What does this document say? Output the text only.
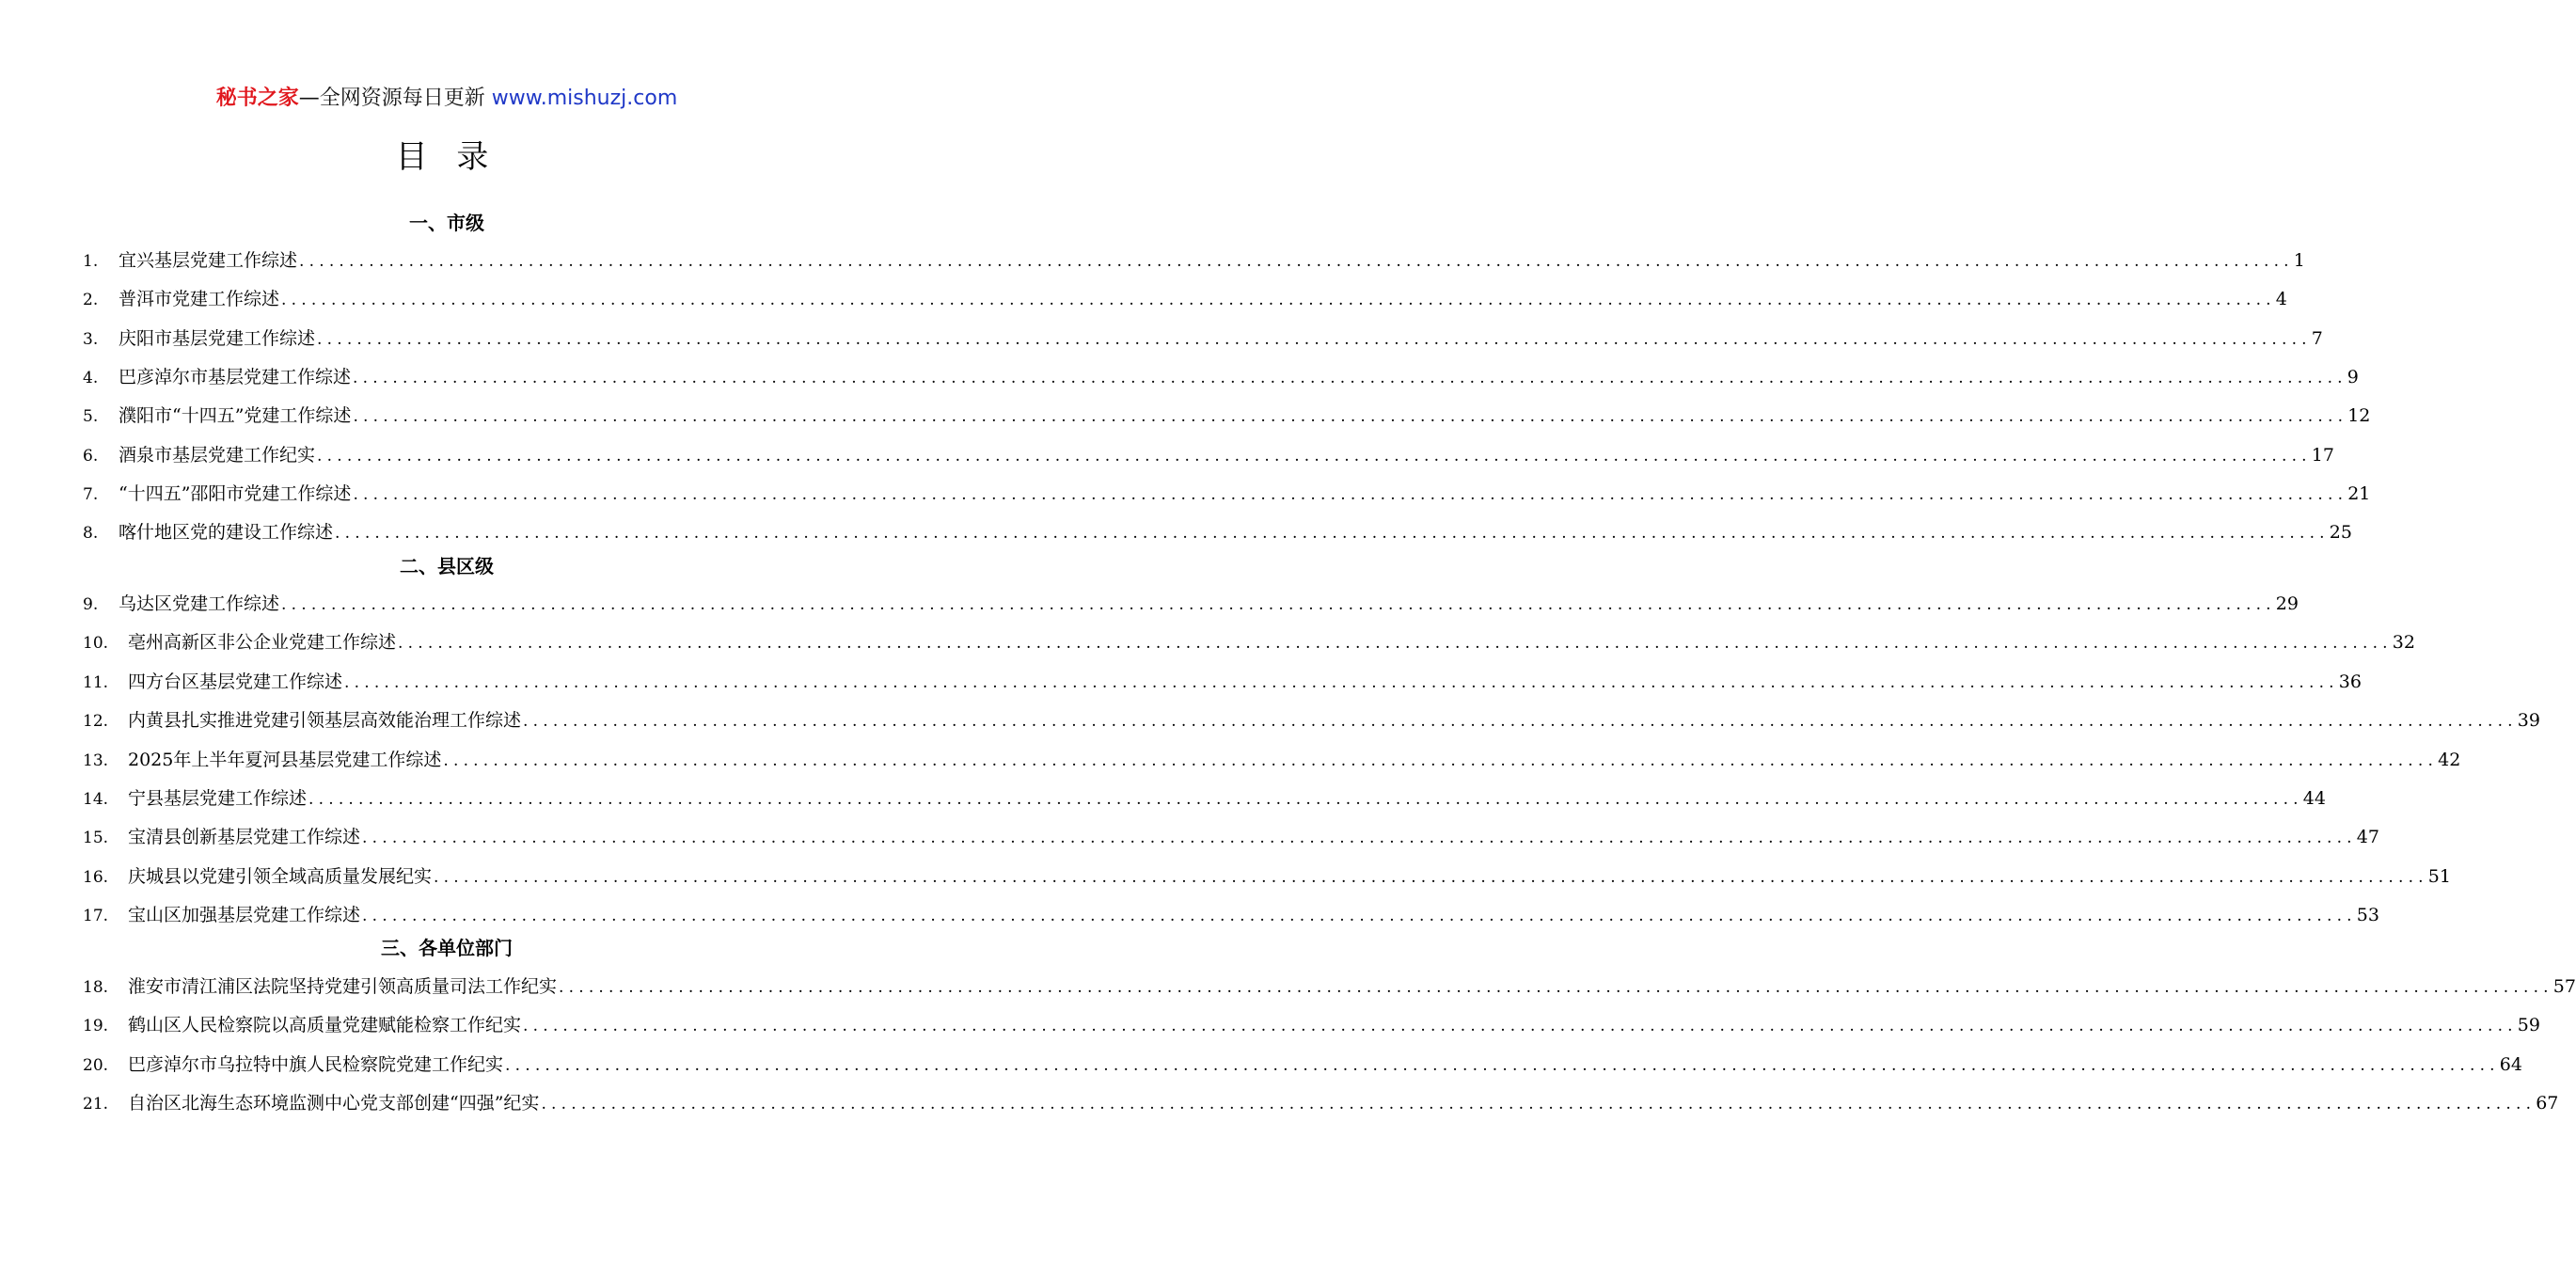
秘书之家—全网资源每日更新 www.mishuzj.com
目 录
一、市级
1.	宜兴基层党建工作综述 ........................................................................................................................................................................................................ 1
2.	普洱市党建工作综述 ........................................................................................................................................................................................................ 4
3.	庆阳市基层党建工作综述 ........................................................................................................................................................................................................ 7
4.	巴彦淖尔市基层党建工作综述 ........................................................................................................................................................................................................ 9
5.	濮阳市“十四五”党建工作综述 ........................................................................................................................................................................................................ 12
6.	酒泉市基层党建工作纪实 ........................................................................................................................................................................................................ 17
7.	“十四五”邵阳市党建工作综述 ........................................................................................................................................................................................................ 21
8.	喀什地区党的建设工作综述 ........................................................................................................................................................................................................ 25
二、县区级
9.	乌达区党建工作综述 ........................................................................................................................................................................................................ 29
10.	亳州高新区非公企业党建工作综述 ........................................................................................................................................................................................................ 32
11.	四方台区基层党建工作综述 ........................................................................................................................................................................................................ 36
12.	内黄县扎实推进党建引领基层高效能治理工作综述 ........................................................................................................................................................................................................ 39
13.	2025年上半年夏河县基层党建工作综述 ........................................................................................................................................................................................................ 42
14.	宁县基层党建工作综述 ........................................................................................................................................................................................................ 44
15.	宝清县创新基层党建工作综述 ........................................................................................................................................................................................................ 47
16.	庆城县以党建引领全域高质量发展纪实 ........................................................................................................................................................................................................ 51
17.	宝山区加强基层党建工作综述 ........................................................................................................................................................................................................ 53
三、各单位部门
18.	淮安市清江浦区法院坚持党建引领高质量司法工作纪实 ........................................................................................................................................................................................................ 57
19.	鹤山区人民检察院以高质量党建赋能检察工作纪实 ........................................................................................................................................................................................................ 59
20.	巴彦淖尔市乌拉特中旗人民检察院党建工作纪实 ........................................................................................................................................................................................................ 64
21.	自治区北海生态环境监测中心党支部创建“四强”纪实 ........................................................................................................................................................................................................ 67
